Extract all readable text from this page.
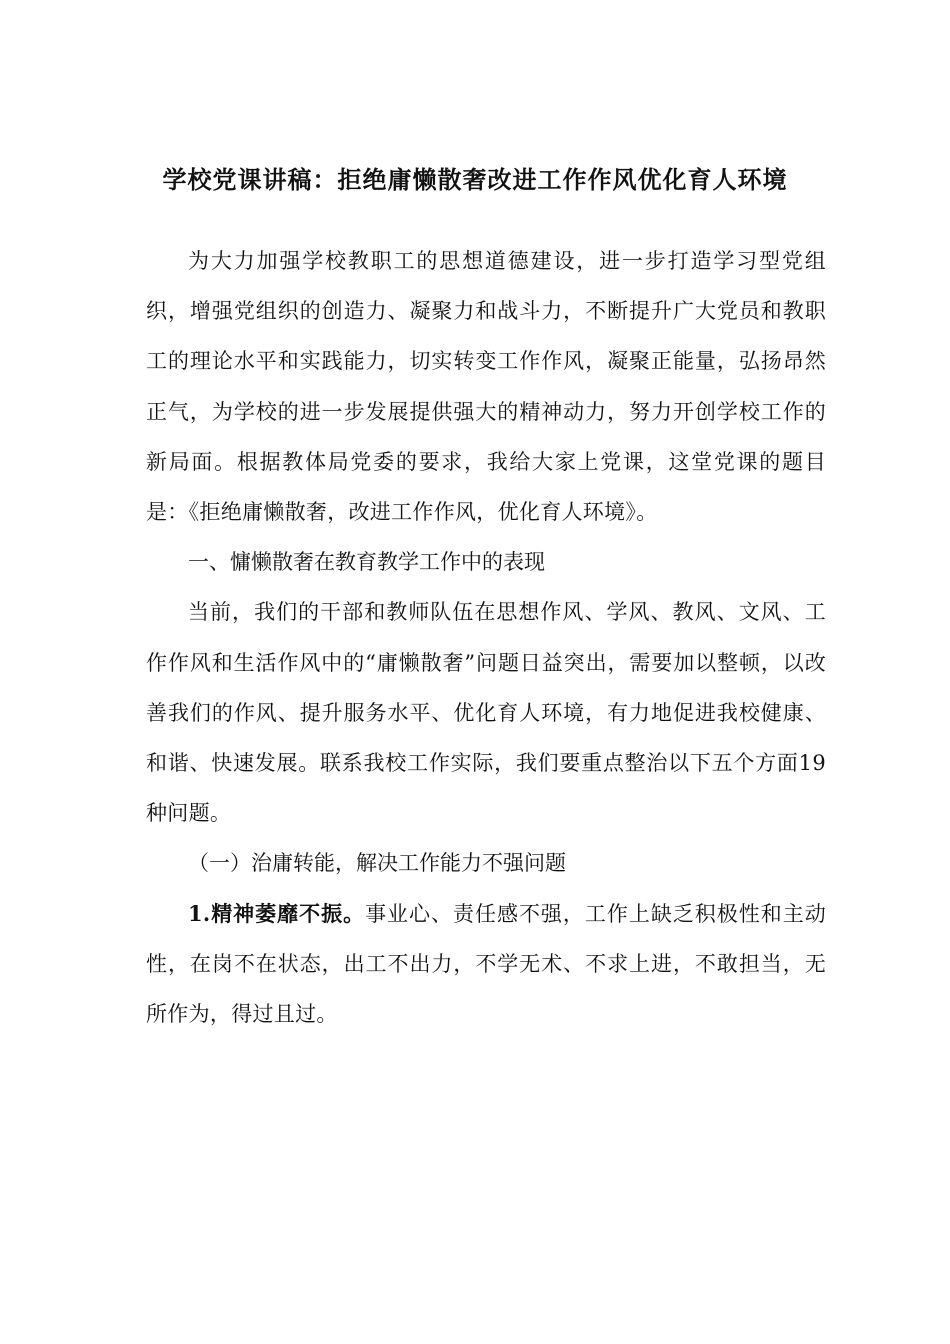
学校党课讲稿：拒绝庸懒散奢改进工作作风优化育人环境

为大力加强学校教职工的思想道德建设，进一步打造学习型党组织，增强党组织的创造力、凝聚力和战斗力，不断提升广大党员和教职工的理论水平和实践能力，切实转变工作作风，凝聚正能量，弘扬昂然正气，为学校的进一步发展提供强大的精神动力，努力开创学校工作的新局面。根据教体局党委的要求，我给大家上党课，这堂党课的题目是：《拒绝庸懒散奢，改进工作作风，优化育人环境》。

一、慵懒散奢在教育教学工作中的表现

当前，我们的干部和教师队伍在思想作风、学风、教风、文风、工作作风和生活作风中的“庸懒散奢”问题日益突出，需要加以整顿，以改善我们的作风、提升服务水平、优化育人环境，有力地促进我校健康、和谐、快速发展。联系我校工作实际，我们要重点整治以下五个方面19种问题。

（一）治庸转能，解决工作能力不强问题

1.精神萎靡不振。事业心、责任感不强，工作上缺乏积极性和主动性，在岗不在状态，出工不出力，不学无术、不求上进，不敢担当，无所作为，得过且过。
